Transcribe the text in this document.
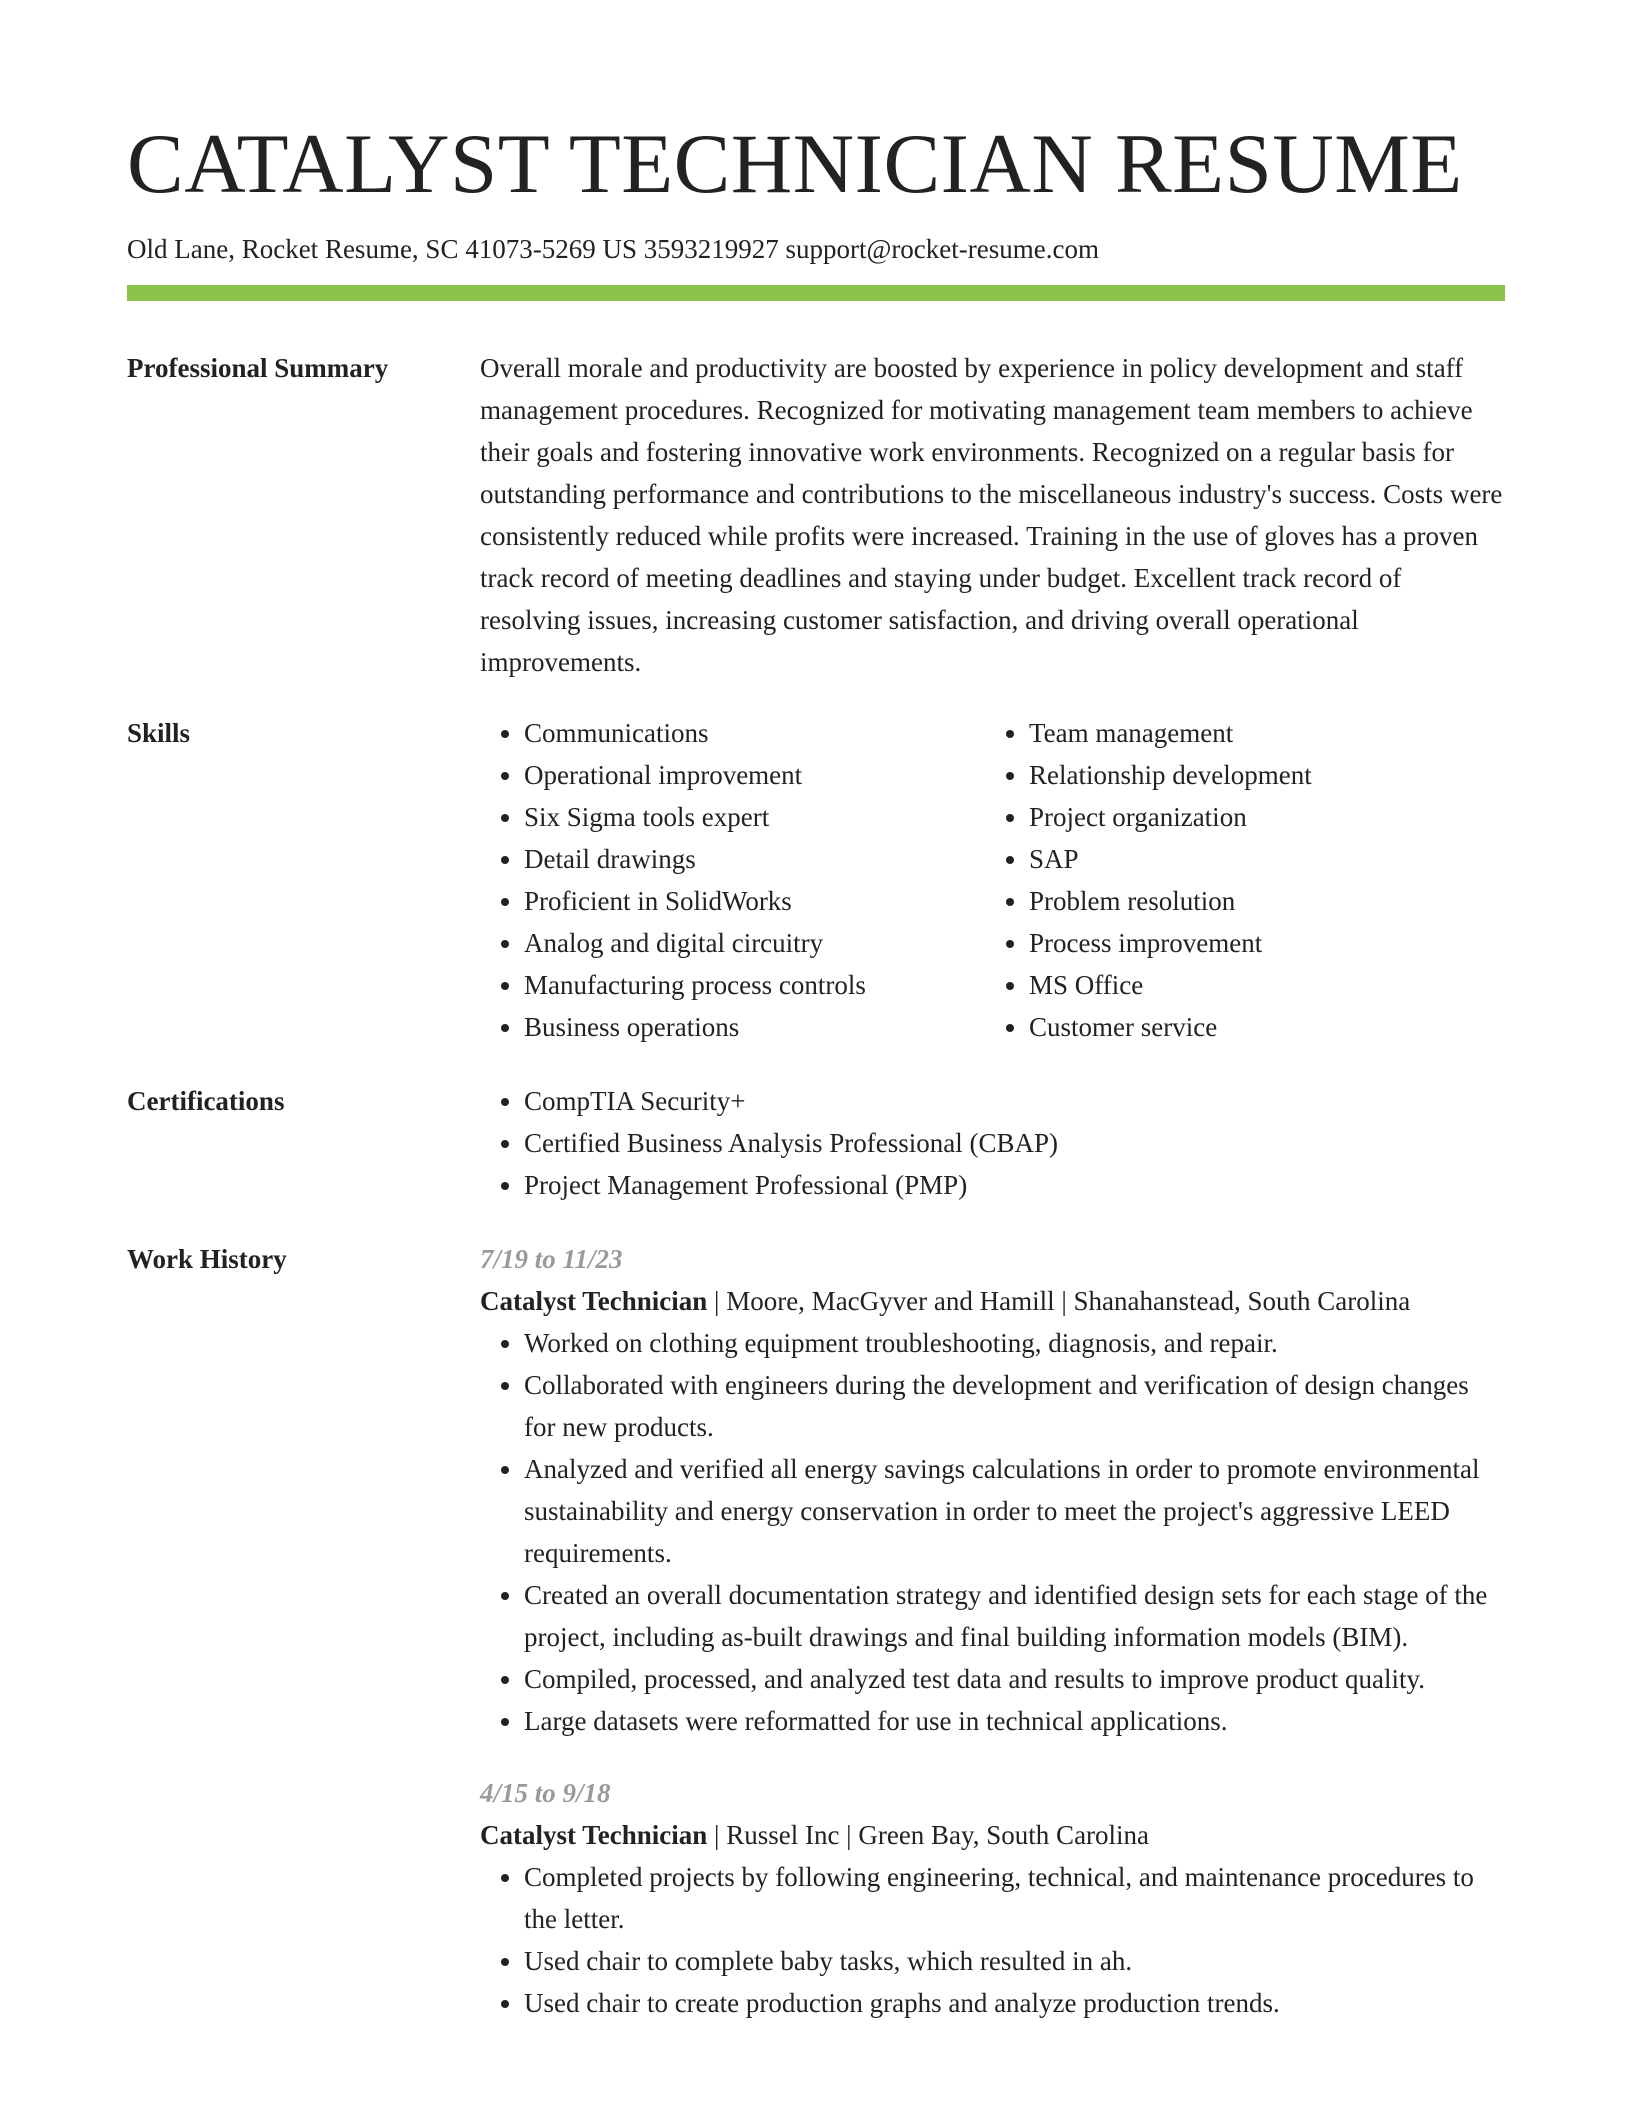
CATALYST TECHNICIAN RESUME
Old Lane, Rocket Resume, SC 41073-5269 US 3593219927 support@rocket-resume.com
Professional Summary	Overall morale and productivity are boosted by experience in policy development and staff management procedures. Recognized for motivating management team members to achieve their goals and fostering innovative work environments. Recognized on a regular basis for outstanding performance and contributions to the miscellaneous industry's success. Costs were consistently reduced while profits were increased. Training in the use of gloves has a proven track record of meeting deadlines and staying under budget. Excellent track record of resolving issues, increasing customer satisfaction, and driving overall operational improvements.

Skills	• Communications
• Operational improvement
• Six Sigma tools expert
• Detail drawings
• Proficient in SolidWorks
• Analog and digital circuitry
• Manufacturing process controls
• Business operations
• Team management
• Relationship development
• Project organization
• SAP
• Problem resolution
• Process improvement
• MS Office
• Customer service
Certifications	• CompTIA Security+
• Certified Business Analysis Professional (CBAP)
• Project Management Professional (PMP)
Work History	7/19 to 11/23
Catalyst Technician | Moore, MacGyver and Hamill | Shanahanstead, South Carolina
• Worked on clothing equipment troubleshooting, diagnosis, and repair.
• Collaborated with engineers during the development and verification of design changes for new products.
• Analyzed and verified all energy savings calculations in order to promote environmental sustainability and energy conservation in order to meet the project's aggressive LEED requirements.
• Created an overall documentation strategy and identified design sets for each stage of the project, including as-built drawings and final building information models (BIM).
• Compiled, processed, and analyzed test data and results to improve product quality.
• Large datasets were reformatted for use in technical applications.
4/15 to 9/18
Catalyst Technician | Russel Inc | Green Bay, South Carolina
• Completed projects by following engineering, technical, and maintenance procedures to the letter.
• Used chair to complete baby tasks, which resulted in ah.
• Used chair to create production graphs and analyze production trends.
